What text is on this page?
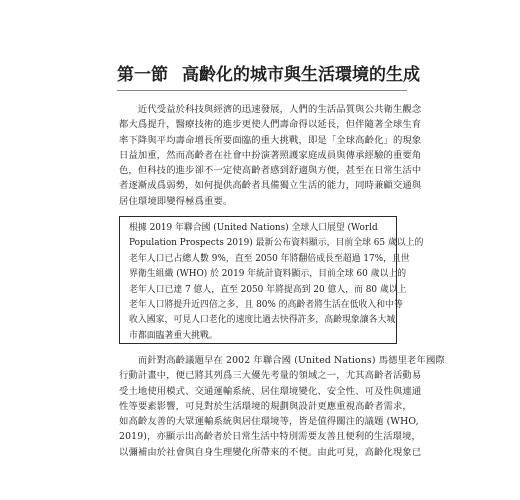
第一節 高齡化的城市與生活環境的生成
　　近代受益於科技與經濟的迅速發展，人們的生活品質與公共衛生觀念
都大爲提升，醫療技術的進步更使人們壽命得以延長，但伴隨著全球生育
率下降與平均壽命增長所要面臨的重大挑戰，即是「全球高齡化」的現象
日益加重，然而高齡者在社會中扮演著照護家庭成員與傳承經驗的重要角
色，但科技的進步卻不一定使高齡者感到舒適與方便，甚至在日常生活中
者逐漸成爲弱勢，如何提供高齡者具備獨立生活的能力，同時兼顧交通與
居住環境即變得極爲重要。
根據 2019 年聯合國 (United Nations) 全球人口展望 (World
Population Prospects 2019) 最新公布資料顯示，目前全球 65 歲以上的
老年人口已占總人數 9%，直至 2050 年將翻倍成長至超過 17%，且世
界衛生組織 (WHO) 於 2019 年統計資料顯示，目前全球 60 歲以上的
老年人口已達 7 億人，直至 2050 年將提高到 20 億人，而 80 歲以上
老年人口將提升近四倍之多，且 80% 的高齡者將生活在低收入和中等
收入國家，可見人口老化的速度比過去快得許多，高齡現象讓各大城
市都面臨著重大挑戰。
　　而針對高齡議題早在 2002 年聯合國 (United Nations) 馬德里老年國際
行動計畫中，便已將其列爲三大優先考量的領域之一，尤其高齡者活動易
受土地使用模式、交通運輸系統、居住環境變化、安全性、可及性與連通
性等要素影響，可見對於生活環境的規劃與設計更應重視高齡者需求，
如高齡友善的大眾運輸系統與居住環境等，皆是值得關注的議題 (WHO,
2019)，亦顯示出高齡者於日常生活中特別需要友善且便利的生活環境，
以彌補由於社會與自身生理變化所帶來的不便。由此可見，高齡化現象已
